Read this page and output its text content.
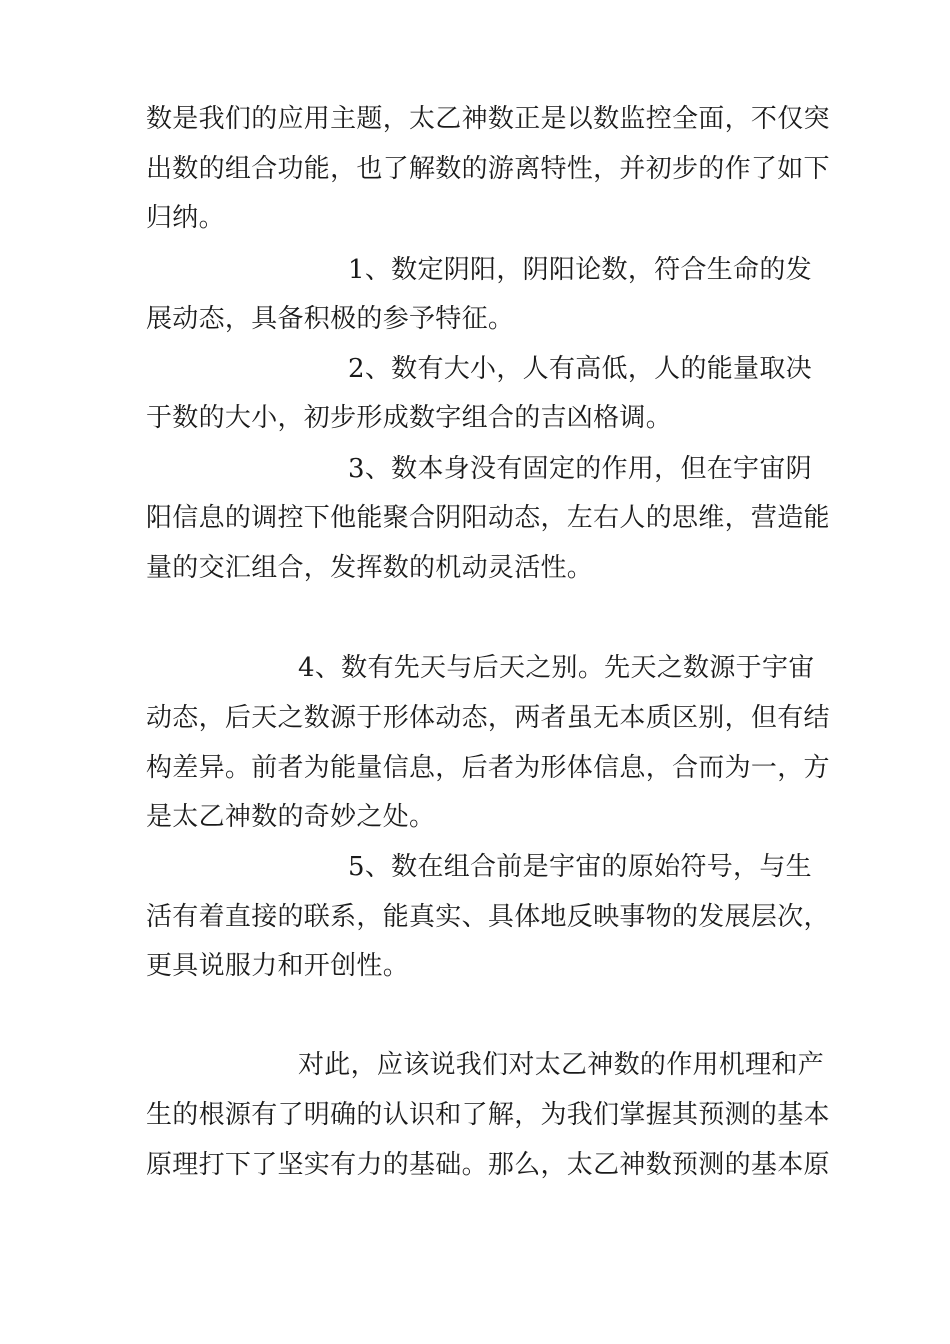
数是我们的应用主题，太乙神数正是以数监控全面，不仅突
出数的组合功能，也了解数的游离特性，并初步的作了如下
归纳。
1、数定阴阳，阴阳论数，符合生命的发
展动态，具备积极的参予特征。
2、数有大小，人有高低，人的能量取决
于数的大小，初步形成数字组合的吉凶格调。
3、数本身没有固定的作用，但在宇宙阴
阳信息的调控下他能聚合阴阳动态，左右人的思维，营造能
量的交汇组合，发挥数的机动灵活性。
4、数有先天与后天之别。先天之数源于宇宙
动态，后天之数源于形体动态，两者虽无本质区别，但有结
构差异。前者为能量信息，后者为形体信息，合而为一，方
是太乙神数的奇妙之处。
5、数在组合前是宇宙的原始符号，与生
活有着直接的联系，能真实、具体地反映事物的发展层次，
更具说服力和开创性。
对此，应该说我们对太乙神数的作用机理和产
生的根源有了明确的认识和了解，为我们掌握其预测的基本
原理打下了坚实有力的基础。那么，太乙神数预测的基本原
